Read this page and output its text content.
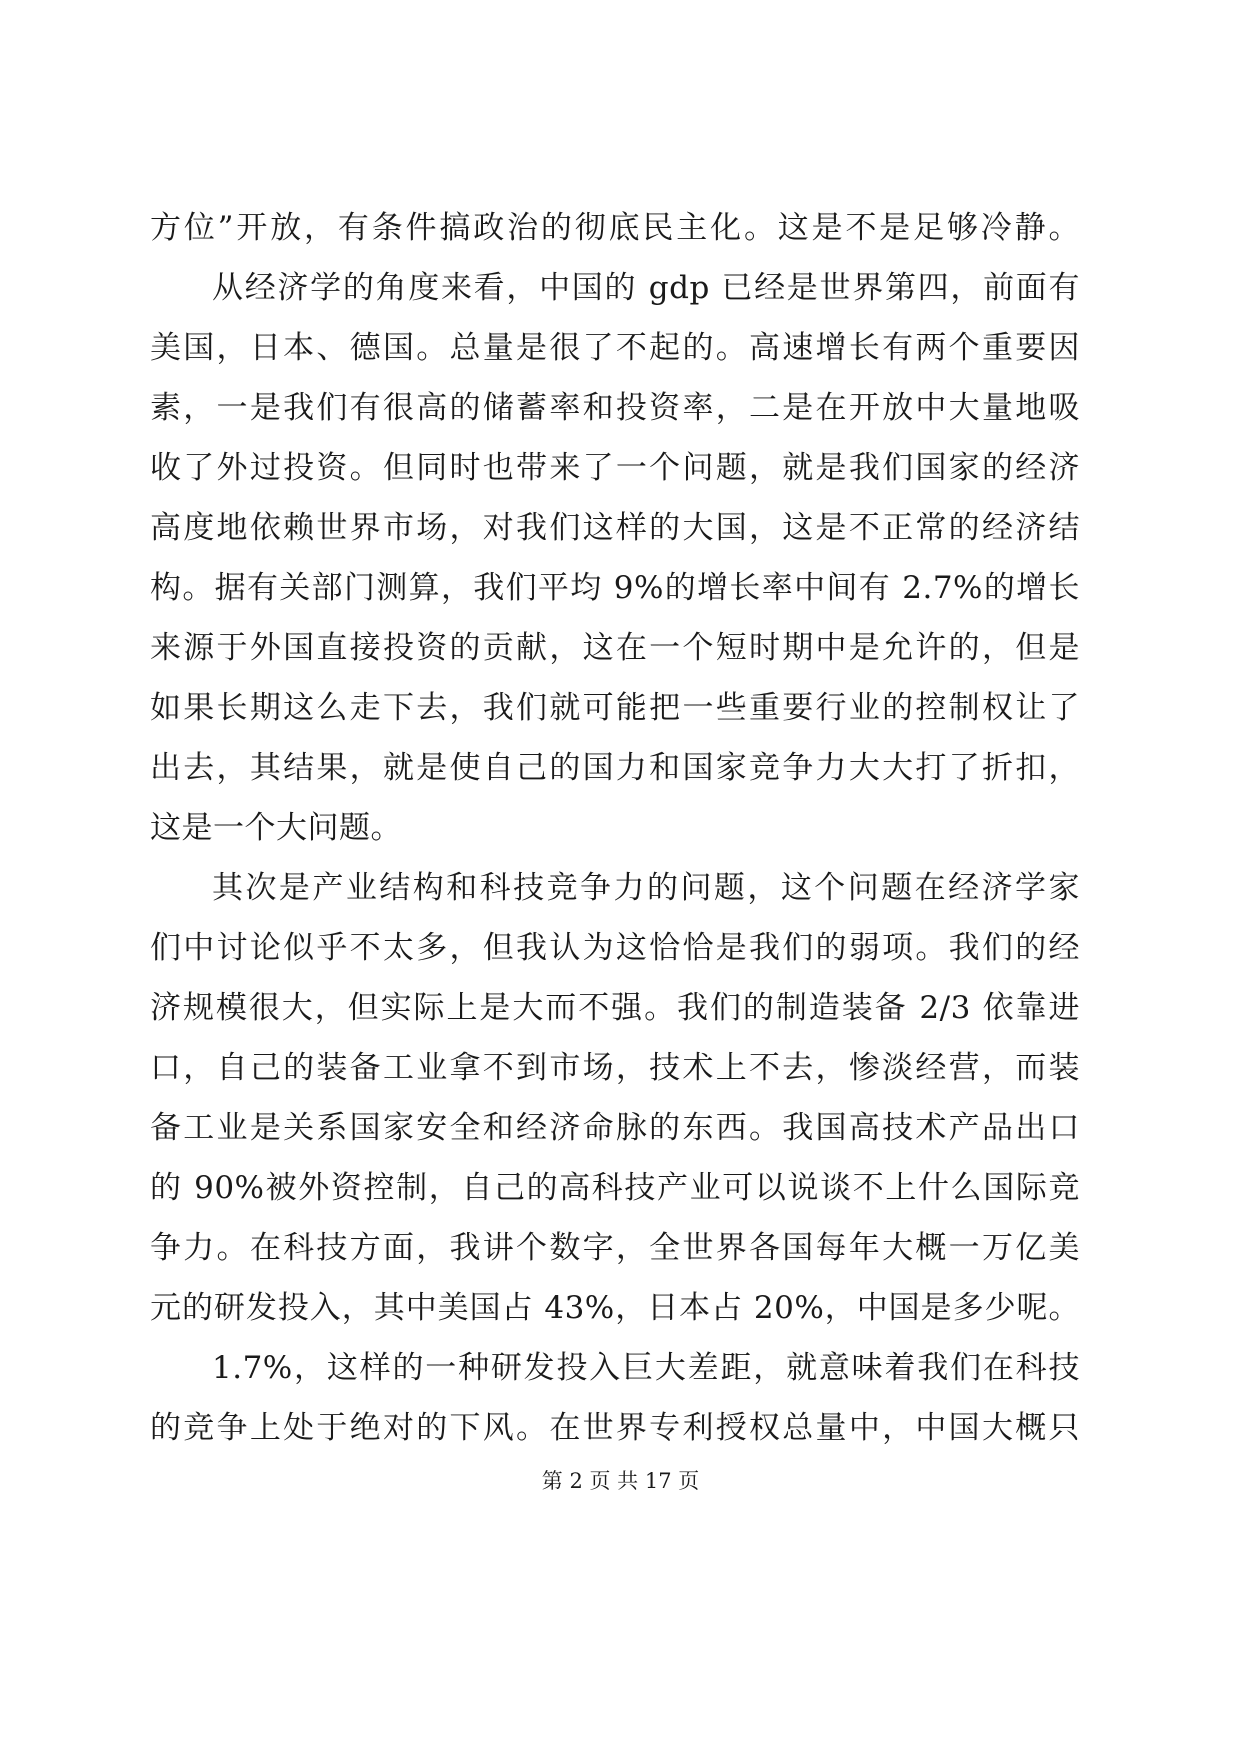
方位”开放，有条件搞政治的彻底民主化。这是不是足够冷静。
从经济学的角度来看，中国的 gdp 已经是世界第四，前面有
美国，日本、德国。总量是很了不起的。高速增长有两个重要因
素，一是我们有很高的储蓄率和投资率，二是在开放中大量地吸
收了外过投资。但同时也带来了一个问题，就是我们国家的经济
高度地依赖世界市场，对我们这样的大国，这是不正常的经济结
构。据有关部门测算，我们平均 9%的增长率中间有 2.7%的增长
来源于外国直接投资的贡献，这在一个短时期中是允许的，但是
如果长期这么走下去，我们就可能把一些重要行业的控制权让了
出去，其结果，就是使自己的国力和国家竞争力大大打了折扣，
这是一个大问题。
其次是产业结构和科技竞争力的问题，这个问题在经济学家
们中讨论似乎不太多，但我认为这恰恰是我们的弱项。我们的经
济规模很大，但实际上是大而不强。我们的制造装备 2/3 依靠进
口，自己的装备工业拿不到市场，技术上不去，惨淡经营，而装
备工业是关系国家安全和经济命脉的东西。我国高技术产品出口
的 90%被外资控制，自己的高科技产业可以说谈不上什么国际竞
争力。在科技方面，我讲个数字，全世界各国每年大概一万亿美
元的研发投入，其中美国占 43%，日本占 20%，中国是多少呢。
1.7%，这样的一种研发投入巨大差距，就意味着我们在科技
的竞争上处于绝对的下风。在世界专利授权总量中，中国大概只
第 2 页 共 17 页
